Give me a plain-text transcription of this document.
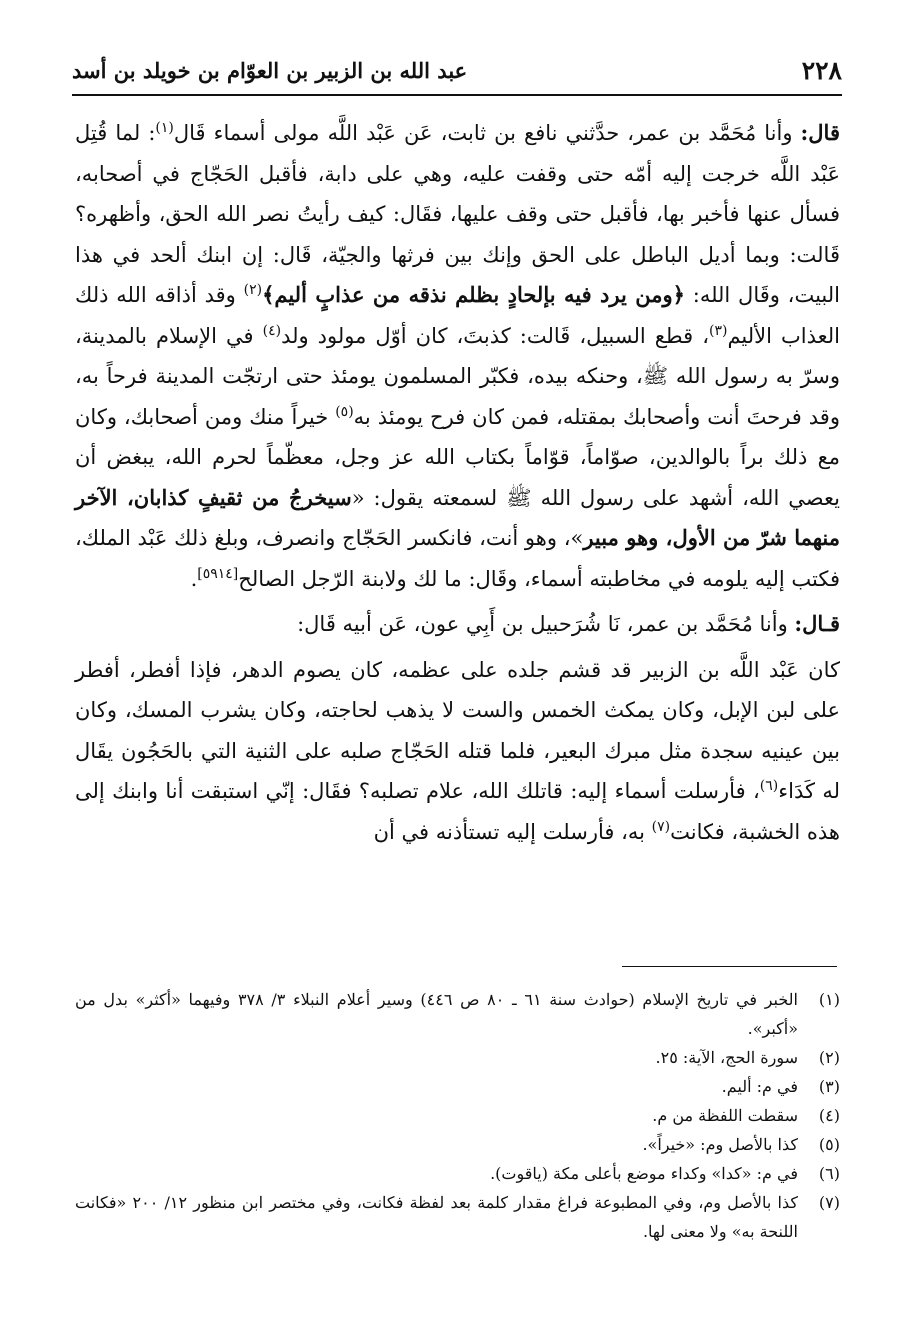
٢٢٨
عبد الله بن الزبير بن العوّام بن خويلد بن أسد

قال: وأنا مُحَمَّد بن عمر، حدَّثني نافع بن ثابت، عَن عَبْد اللَّه مولى أسماء قَال$^{(١)}$: لما قُتِل عَبْد اللَّه خرجت إليه أمّه حتى وقفت عليه، وهي على دابة، فأقبل الحَجّاج في أصحابه، فسأل عنها فأخبر بها، فأقبل حتى وقف عليها، فقَال: كيف رأيتُ نصر الله الحق، وأظهره؟ قَالت: وبما أديل الباطل على الحق وإنك بين فرثها والجيّة، قَال: إن ابنك ألحد في هذا البيت، وقَال الله: ﴿ومن يرد فيه بإلحادٍ بظلم نذقه من عذابٍ أليم﴾$^{(٢)}$ وقد أذاقه الله ذلك العذاب الأليم$^{(٣)}$، قطع السبيل، قَالت: كذبتَ، كان أوّل مولود ولد$^{(٤)}$ في الإسلام بالمدينة، وسرّ به رسول الله ﷺ، وحنكه بيده، فكبّر المسلمون يومئذ حتى ارتجّت المدينة فرحاً به، وقد فرحتَ أنت وأصحابك بمقتله، فمن كان فرح يومئذ به$^{(٥)}$ خيراً منك ومن أصحابك، وكان مع ذلك براً بالوالدين، صوّاماً، قوّاماً بكتاب الله عز وجل، معظّماً لحرم الله، يبغض أن يعصي الله، أشهد على رسول الله ﷺ لسمعته يقول: «سيخرجُ من ثقيفٍ كذابان، الآخر منهما شرّ من الأول، وهو مبير»، وهو أنت، فانكسر الحَجّاج وانصرف، وبلغ ذلك عَبْد الملك، فكتب إليه يلومه في مخاطبته أسماء، وقَال: ما لك ولابنة الرّجل الصالح[٥٩١٤].

قـال: وأنا مُحَمَّد بن عمر، نَا شُرَحبيل بن أَبِي عون، عَن أبيه قَال:

كان عَبْد اللَّه بن الزبير قد قشم جلده على عظمه، كان يصوم الدهر، فإذا أفطر، أفطر على لبن الإبل، وكان يمكث الخمس والست لا يذهب لحاجته، وكان يشرب المسك، وكان بين عينيه سجدة مثل مبرك البعير، فلما قتله الحَجّاج صلبه على الثنية التي بالحَجُون يقَال له كَدَاء$^{(٦)}$، فأرسلت أسماء إليه: قاتلك الله، علام تصلبه؟ فقَال: إنّي استبقت أنا وابنك إلى هذه الخشبة، فكانت$^{(٧)}$ به، فأرسلت إليه تستأذنه في أن

(١)
الخبر في تاريخ الإسلام (حوادث سنة ٦١ ـ ٨٠ ص ٤٤٦) وسير أعلام النبلاء ٣/ ٣٧٨ وفيهما «أكثر» بدل من «أكبر».
(٢)
سورة الحج، الآية: ٢٥.
(٣)
في م: أليم.
(٤)
سقطت اللفظة من م.
(٥)
كذا بالأصل وم: «خيراً».
(٦)
في م: «كدا» وكداء موضع بأعلى مكة (ياقوت).
(٧)
كذا بالأصل وم، وفي المطبوعة فراغ مقدار كلمة بعد لفظة فكانت، وفي مختصر ابن منظور ١٢/ ٢٠٠ «فكانت اللنحة به» ولا معنى لها.
